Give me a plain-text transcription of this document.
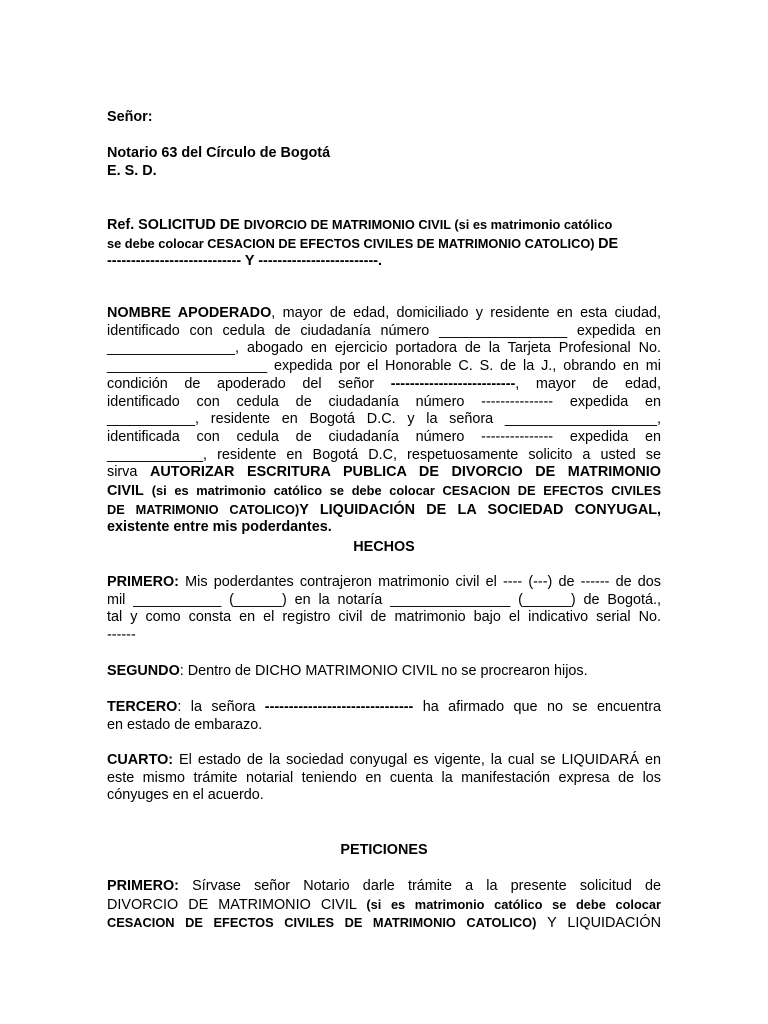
Señor:
Notario 63 del Círculo de Bogotá
E. S. D.
Ref. SOLICITUD DE DIVORCIO DE MATRIMONIO CIVIL (si es matrimonio católico
se debe colocar CESACION DE EFECTOS CIVILES DE MATRIMONIO CATOLICO) DE
---------------------------- Y -------------------------.
NOMBRE APODERADO, mayor de edad, domiciliado y residente en esta ciudad,
identificado con cedula de ciudadanía número ________________ expedida en
________________, abogado en ejercicio portadora de la Tarjeta Profesional No.
____________________ expedida por el Honorable C. S. de la J., obrando en mi
condición de apoderado del señor --------------------------, mayor de edad,
identificado con cedula de ciudadanía número --------------- expedida en
___________, residente en Bogotá D.C. y la señora ___________________,
identificada con cedula de ciudadanía número --------------- expedida en
____________, residente en Bogotá D.C, respetuosamente solicito a usted se
sirva AUTORIZAR ESCRITURA PUBLICA DE DIVORCIO DE MATRIMONIO
CIVIL (si es matrimonio católico se debe colocar CESACION DE EFECTOS CIVILES
DE MATRIMONIO CATOLICO)Y LIQUIDACIÓN DE LA SOCIEDAD CONYUGAL,
existente entre mis poderdantes.
HECHOS
PRIMERO: Mis poderdantes contrajeron matrimonio civil el ---- (---) de ------ de dos
mil ___________ (______) en la notaría _______________ (______) de Bogotá.,
tal y como consta en el registro civil de matrimonio bajo el indicativo serial No.
------
SEGUNDO: Dentro de DICHO MATRIMONIO CIVIL no se procrearon hijos.
TERCERO: la señora ------------------------------- ha afirmado que no se encuentra
en estado de embarazo.
CUARTO: El estado de la sociedad conyugal es vigente, la cual se LIQUIDARÁ en
este mismo trámite notarial teniendo en cuenta la manifestación expresa de los
cónyuges en el acuerdo.
PETICIONES
PRIMERO: Sírvase señor Notario darle trámite a la presente solicitud de
DIVORCIO DE MATRIMONIO CIVIL (si es matrimonio católico se debe colocar
CESACION DE EFECTOS CIVILES DE MATRIMONIO CATOLICO) Y LIQUIDACIÓN
